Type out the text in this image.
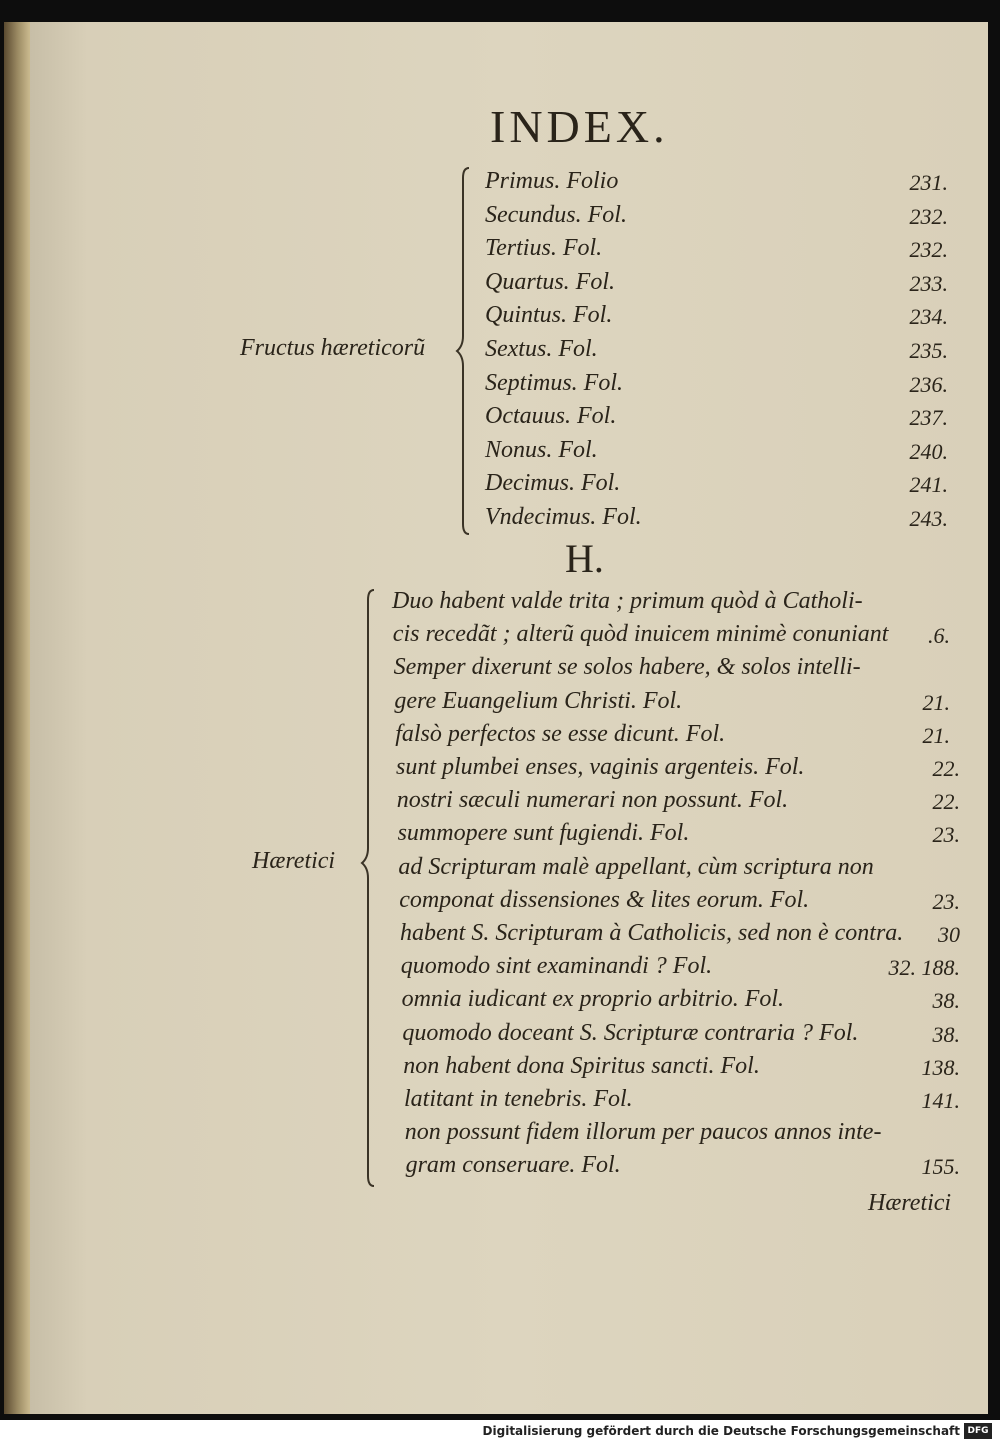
INDEX.
Fructus hæreticorũ
Primus. Folio	231.
Secundus. Fol.	232.
Tertius. Fol.	232.
Quartus. Fol.	233.
Quintus. Fol.	234.
Sextus. Fol.	235.
Septimus. Fol.	236.
Octauus. Fol.	237.
Nonus. Fol.	240.
Decimus. Fol.	241.
Vndecimus. Fol.	243.
H.
Hæretici
Duo habent valde trita ; primum quòd à Catholi-
cis recedãt ; alterũ quòd inuicem minimè conuniant .6.
Semper dixerunt se solos habere, & solos intelli-
gere Euangelium Christi. Fol.	21.
falsò perfectos se esse dicunt. Fol.	21.
sunt plumbei enses, vaginis argenteis. Fol.	22.
nostri sæculi numerari non possunt. Fol.	22.
summopere sunt fugiendi. Fol.	23.
ad Scripturam malè appellant, cùm scriptura non
componat dissensiones & lites eorum. Fol.	23.
habent S. Scripturam à Catholicis, sed non è contra. 30
quomodo sint examinandi ? Fol.	32. 188.
omnia iudicant ex proprio arbitrio. Fol.	38.
quomodo doceant S. Scripturæ contraria ? Fol.	38.
non habent dona Spiritus sancti. Fol.	138.
latitant in tenebris. Fol.	141.
non possunt fidem illorum per paucos annos inte-
gram conseruare. Fol.	155.
Hæretici
Digitalisierung gefördert durch die Deutsche Forschungsgemeinschaft DFG
